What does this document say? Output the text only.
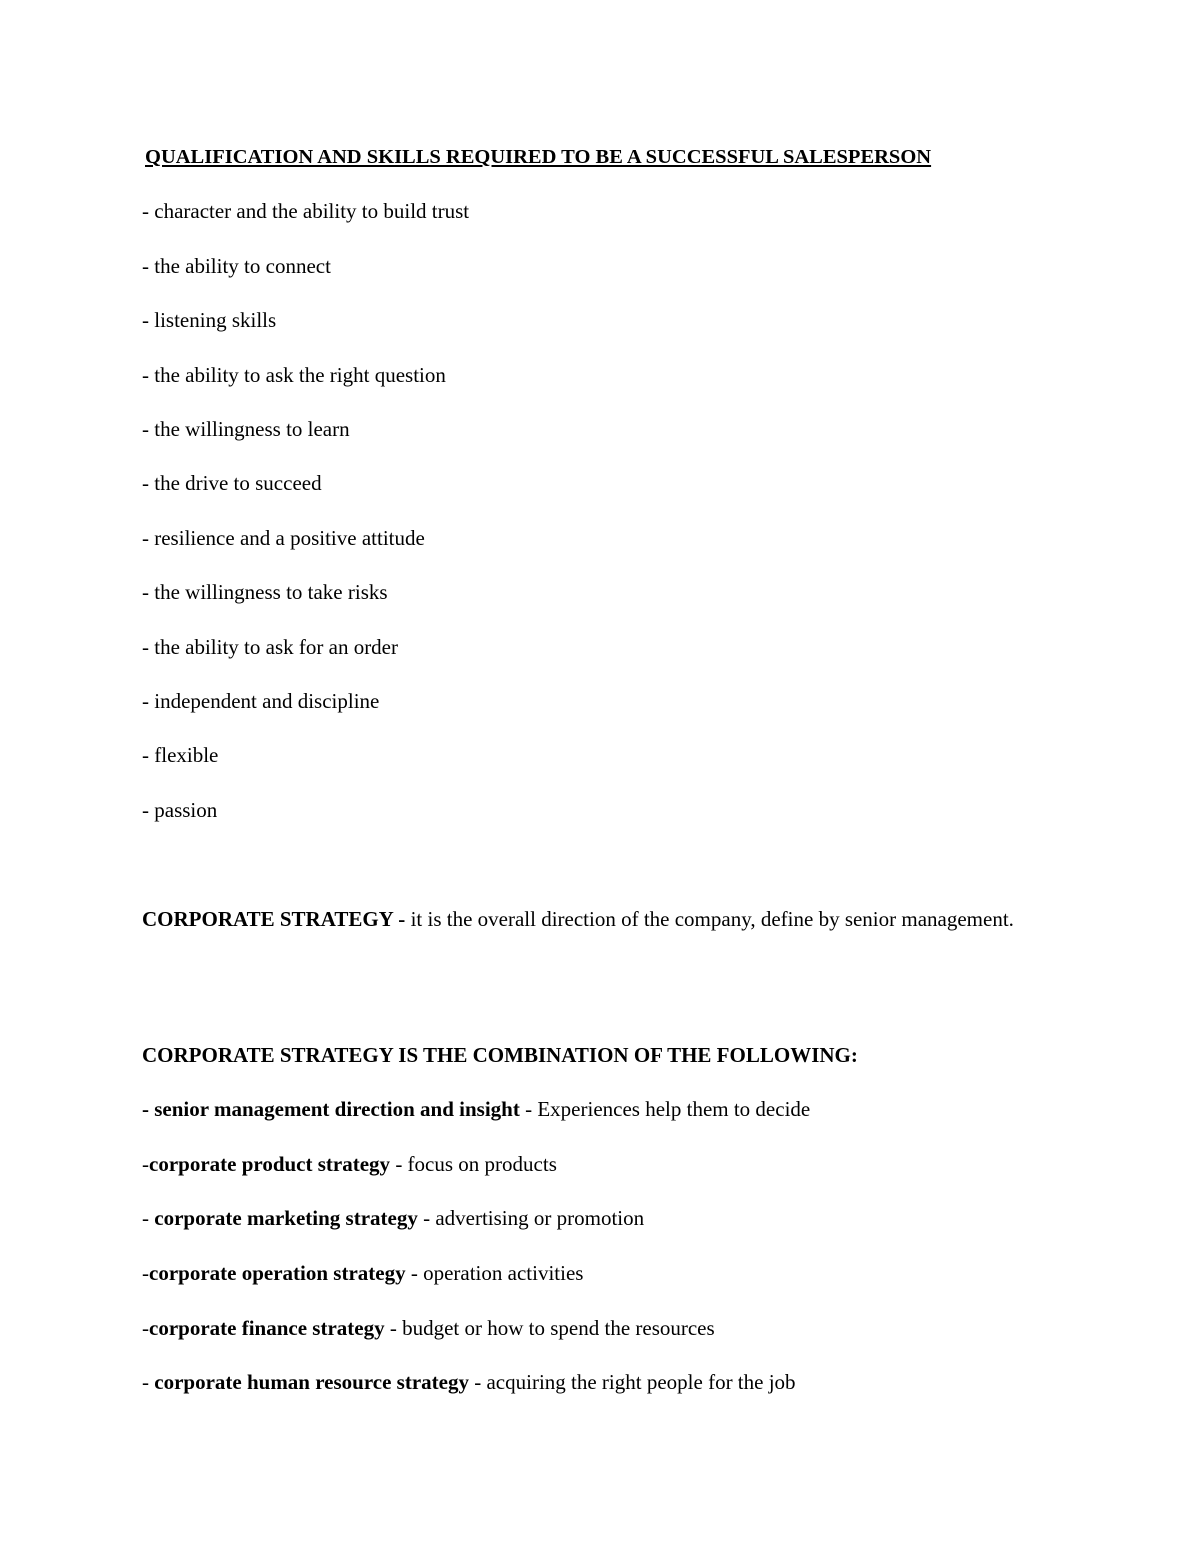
QUALIFICATION AND SKILLS REQUIRED TO BE A SUCCESSFUL SALESPERSON
- character and the ability to build trust
- the ability to connect
- listening skills
- the ability to ask the right question
- the willingness to learn
- the drive to succeed
- resilience and a positive attitude
- the willingness to take risks
- the ability to ask for an order
- independent and discipline
- flexible
- passion
CORPORATE STRATEGY - it is the overall direction of the company, define by senior management.
CORPORATE STRATEGY IS THE COMBINATION OF THE FOLLOWING:
- senior management direction and insight - Experiences help them to decide
-corporate product strategy - focus on products
- corporate marketing strategy - advertising or promotion
-corporate operation strategy - operation activities
-corporate finance strategy - budget or how to spend the resources
- corporate human resource strategy - acquiring the right people for the job
